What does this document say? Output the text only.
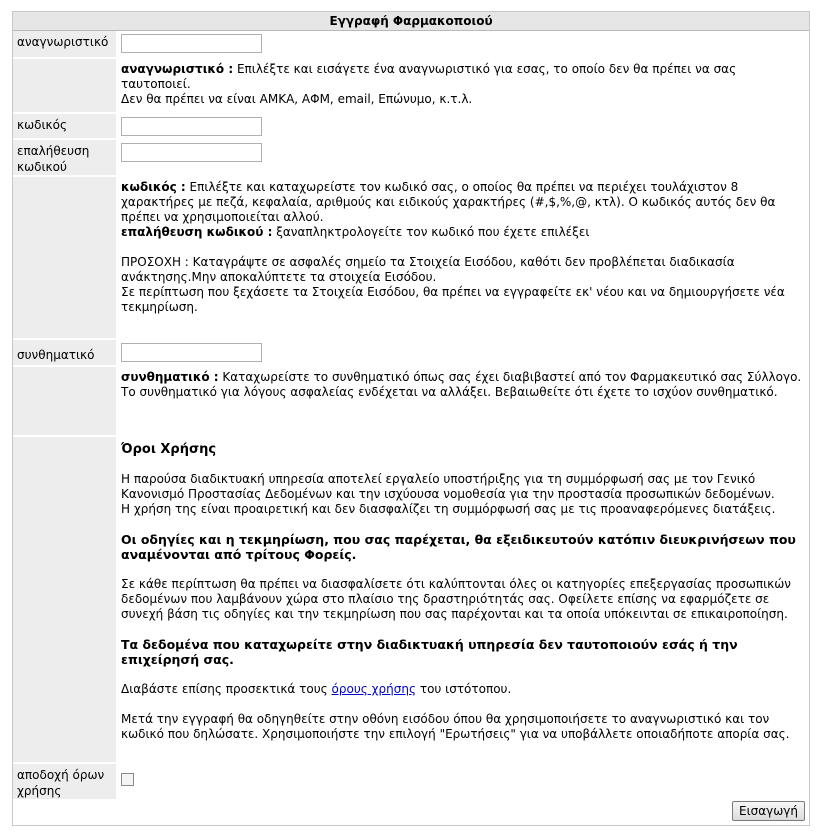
Εγγραφή Φαρμακοποιού
αναγνωριστικό

αναγνωριστικό : Επιλέξτε και εισάγετε ένα αναγνωριστικό για εσας, το οποίο δεν θα πρέπει να σας ταυτοποιεί.

Δεν θα πρέπει να είναι ΑΜΚΑ, ΑΦΜ, email, Επώνυμο, κ.τ.λ.

κωδικός
επαλήθευση κωδικού

κωδικός : Επιλέξτε και καταχωρείστε τον κωδικό σας, ο οποίος θα πρέπει να περιέχει τουλάχιστον 8 χαρακτήρες με πεζά, κεφαλαία, αριθμούς και ειδικούς χαρακτήρες (#,$,%,@, κτλ). Ο κωδικός αυτός δεν θα πρέπει να χρησιμοποιείται αλλού.

επαλήθευση κωδικού : ξαναπληκτρολογείτε τον κωδικό που έχετε επιλέξει

ΠΡΟΣΟΧΗ : Καταγράψτε σε ασφαλές σημείο τα Στοιχεία Εισόδου, καθότι δεν προβλέπεται διαδικασία ανάκτησης.Μην αποκαλύπτετε τα στοιχεία Εισόδου.

Σε περίπτωση που ξεχάσετε τα Στοιχεία Εισόδου, θα πρέπει να εγγραφείτε εκ' νέου και να δημιουργήσετε νέα τεκμηρίωση.

συνθηματικό

συνθηματικό : Καταχωρείστε το συνθηματικό όπως σας έχει διαβιβαστεί από τον Φαρμακευτικό σας Σύλλογο.

Το συνθηματικό για λόγους ασφαλείας ενδέχεται να αλλάξει. Βεβαιωθείτε ότι έχετε το ισχύον συνθηματικό.

Όροι Χρήσης

Η παρούσα διαδικτυακή υπηρεσία αποτελεί εργαλείο υποστήριξης για τη συμμόρφωσή σας με τον Γενικό Κανονισμό Προστασίας Δεδομένων και την ισχύουσα νομοθεσία για την προστασία προσωπικών δεδομένων.

Η χρήση της είναι προαιρετική και δεν διασφαλίζει τη συμμόρφωσή σας με τις προαναφερόμενες διατάξεις.

Οι οδηγίες και η τεκμηρίωση, που σας παρέχεται, θα εξειδικευτούν κατόπιν διευκρινήσεων που αναμένονται από τρίτους Φορείς.

Σε κάθε περίπτωση θα πρέπει να διασφαλίσετε ότι καλύπτονται όλες οι κατηγορίες επεξεργασίας προσωπικών δεδομένων που λαμβάνουν χώρα στο πλαίσιο της δραστηριότητάς σας. Οφείλετε επίσης να εφαρμόζετε σε συνεχή βάση τις οδηγίες και την τεκμηρίωση που σας παρέχονται και τα οποία υπόκεινται σε επικαιροποίηση.

Τα δεδομένα που καταχωρείτε στην διαδικτυακή υπηρεσία δεν ταυτοποιούν εσάς ή την επιχείρησή σας.

Διαβάστε επίσης προσεκτικά τους όρους χρήσης του ιστότοπου.

Μετά την εγγραφή θα οδηγηθείτε στην οθόνη εισόδου όπου θα χρησιμοποιήσετε το αναγνωριστικό και τον κωδικό που δηλώσατε. Χρησιμοποιήστε την επιλογή "Ερωτήσεις" για να υποβάλλετε οποιαδήποτε απορία σας.

αποδοχή όρων χρήσης
Εισαγωγή
